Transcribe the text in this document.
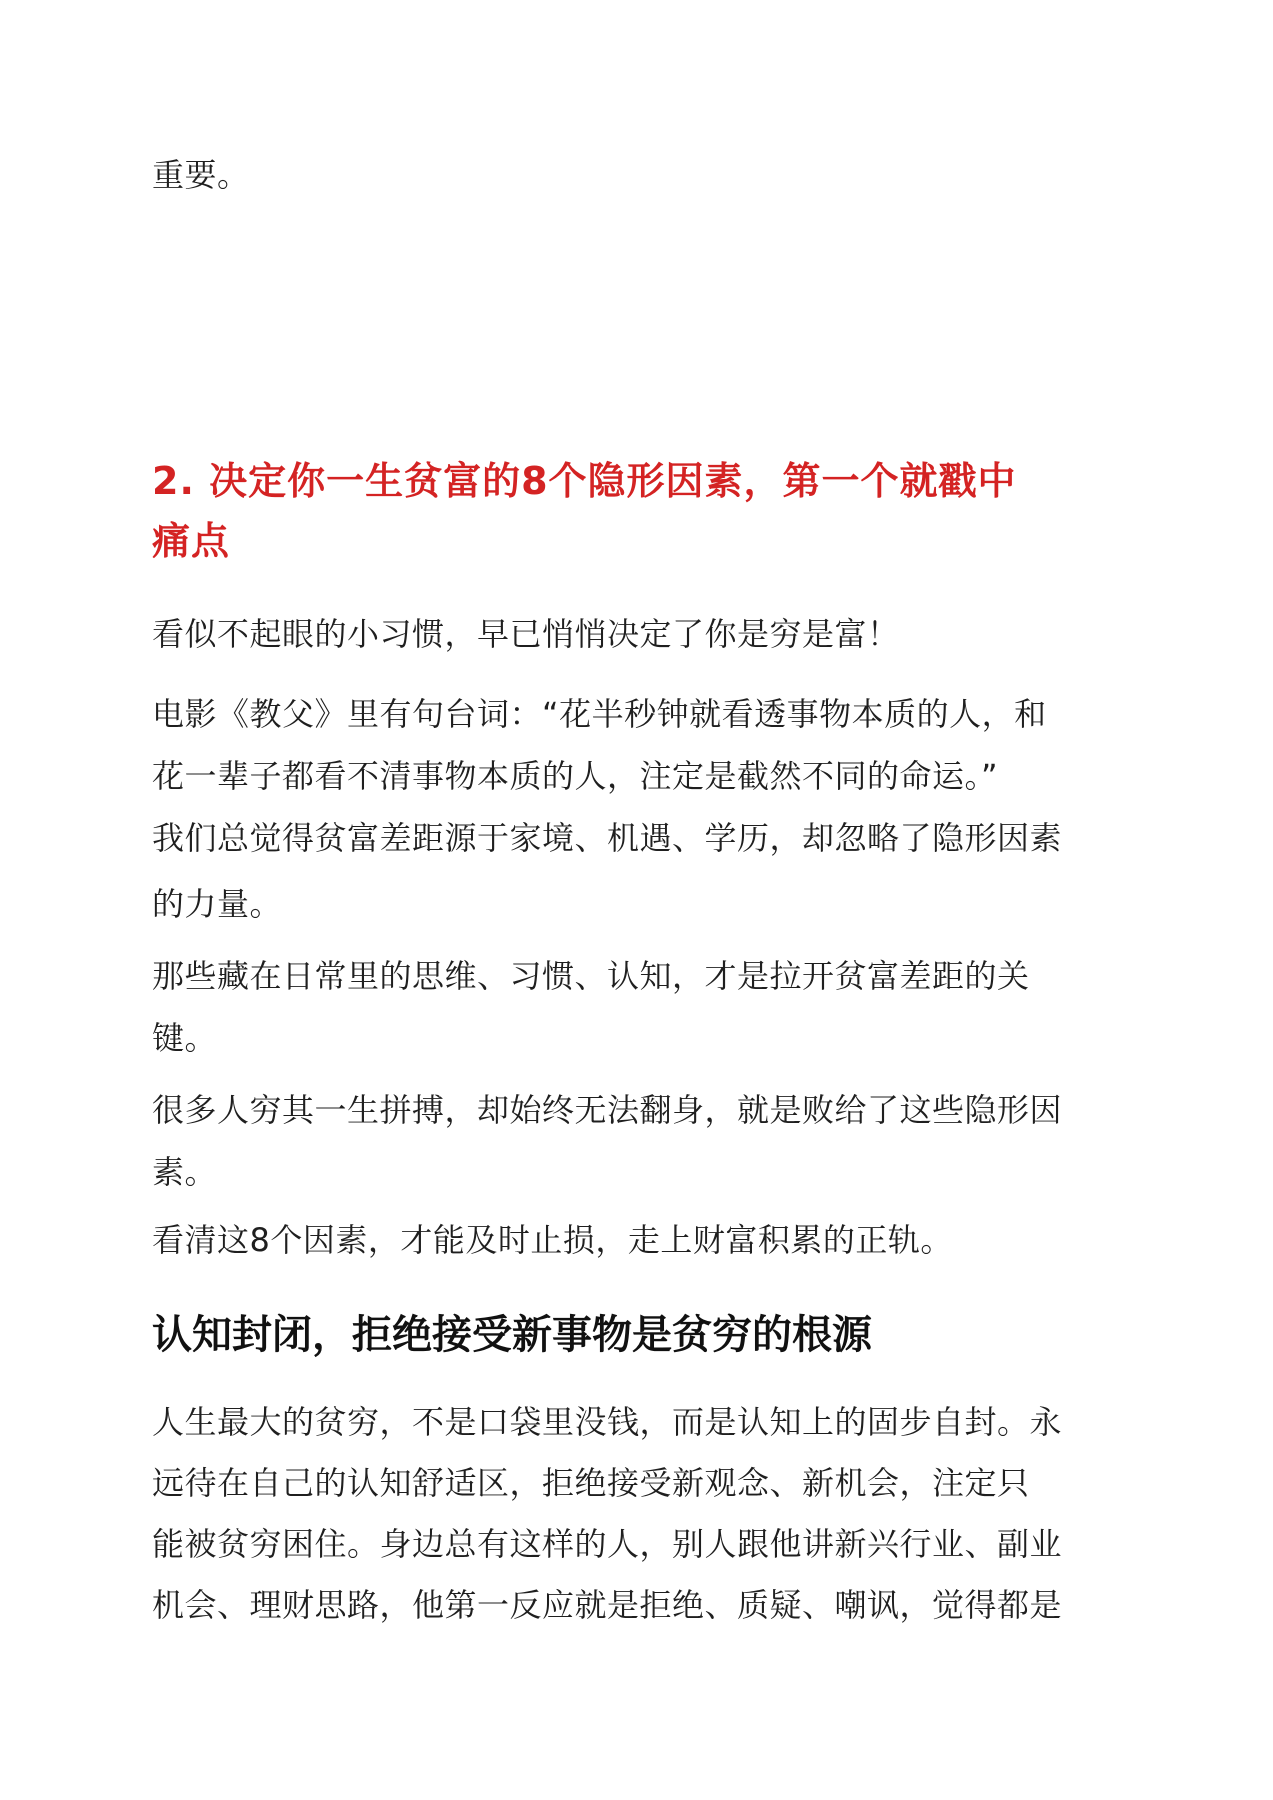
重要。
2. 决定你一生贫富的8个隐形因素，第一个就戳中
痛点
看似不起眼的小习惯，早已悄悄决定了你是穷是富！
电影《教父》里有句台词：“花半秒钟就看透事物本质的人，和
花一辈子都看不清事物本质的人，注定是截然不同的命运。”
我们总觉得贫富差距源于家境、机遇、学历，却忽略了隐形因素
的力量。
那些藏在日常里的思维、习惯、认知，才是拉开贫富差距的关
键。
很多人穷其一生拼搏，却始终无法翻身，就是败给了这些隐形因
素。
看清这8个因素，才能及时止损，走上财富积累的正轨。
认知封闭，拒绝接受新事物是贫穷的根源
人生最大的贫穷，不是口袋里没钱，而是认知上的固步自封。永
远待在自己的认知舒适区，拒绝接受新观念、新机会，注定只
能被贫穷困住。身边总有这样的人，别人跟他讲新兴行业、副业
机会、理财思路，他第一反应就是拒绝、质疑、嘲讽，觉得都是
